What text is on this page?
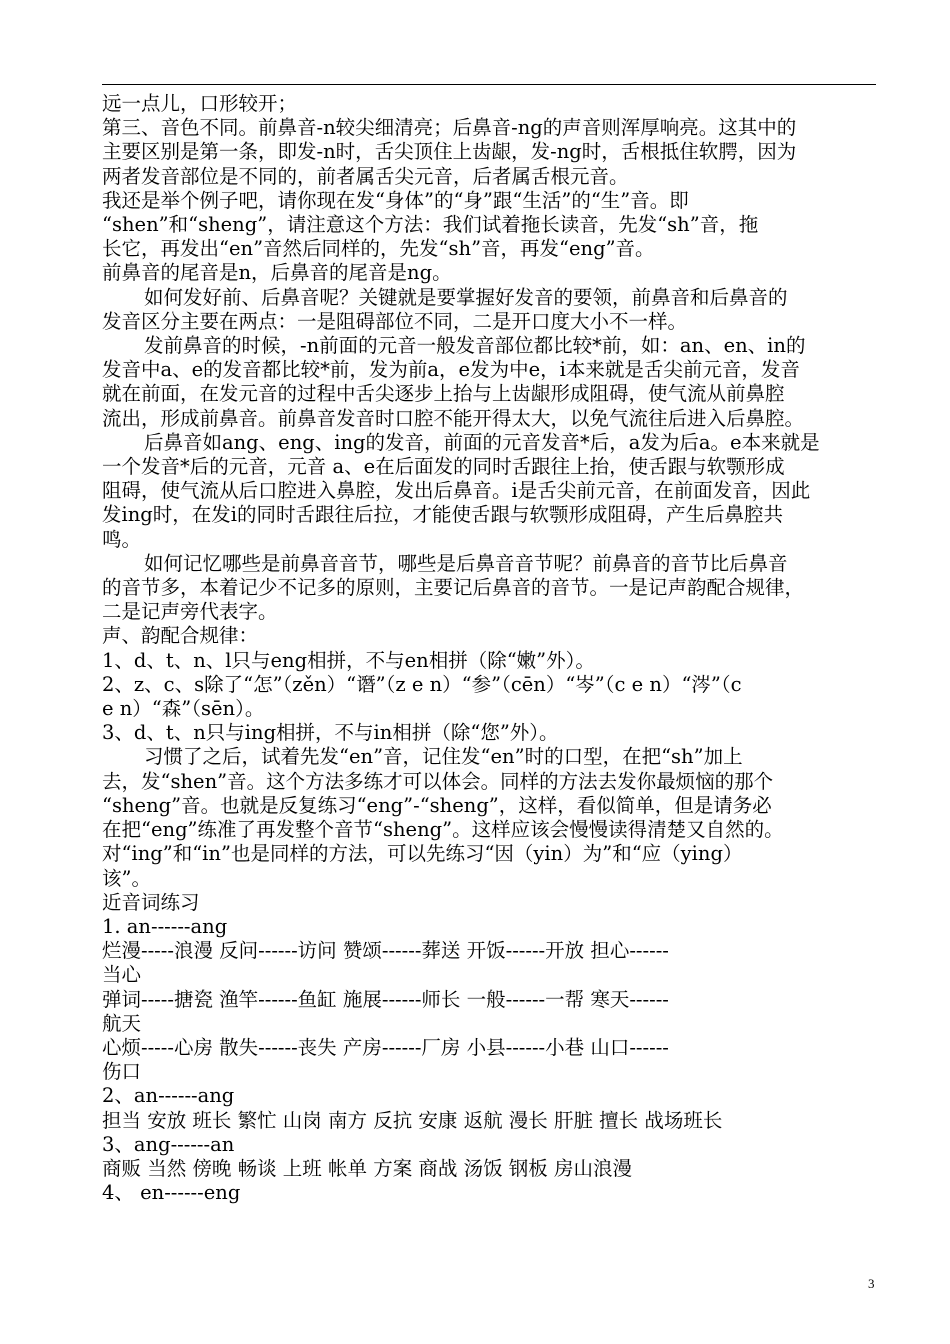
远一点儿，口形较开；
第三、音色不同。前鼻音-n较尖细清亮；后鼻音-ng的声音则浑厚响亮。这其中的
主要区别是第一条，即发-n时，舌尖顶住上齿龈，发-ng时，舌根抵住软腭，因为
两者发音部位是不同的，前者属舌尖元音，后者属舌根元音。
我还是举个例子吧，请你现在发“身体”的“身”跟“生活”的“生”音。即
“shen”和“sheng”，请注意这个方法：我们试着拖长读音，先发“sh”音，拖
长它，再发出“en”音然后同样的，先发“sh”音，再发“eng”音。
前鼻音的尾音是n，后鼻音的尾音是ng。
如何发好前、后鼻音呢？关键就是要掌握好发音的要领，前鼻音和后鼻音的
发音区分主要在两点：一是阻碍部位不同，二是开口度大小不一样。
发前鼻音的时候，-n前面的元音一般发音部位都比较*前，如：an、en、in的
发音中a、e的发音都比较*前，发为前a，e发为中e，i本来就是舌尖前元音，发音
就在前面，在发元音的过程中舌尖逐步上抬与上齿龈形成阻碍，使气流从前鼻腔
流出，形成前鼻音。前鼻音发音时口腔不能开得太大，以免气流往后进入后鼻腔。
后鼻音如ang、eng、ing的发音，前面的元音发音*后，a发为后a。e本来就是
一个发音*后的元音，元音 a、e在后面发的同时舌跟往上抬，使舌跟与软颚形成
阻碍，使气流从后口腔进入鼻腔，发出后鼻音。i是舌尖前元音，在前面发音，因此
发ing时，在发i的同时舌跟往后拉，才能使舌跟与软颚形成阻碍，产生后鼻腔共
鸣。
如何记忆哪些是前鼻音音节，哪些是后鼻音音节呢？前鼻音的音节比后鼻音
的音节多，本着记少不记多的原则，主要记后鼻音的音节。一是记声韵配合规律，
二是记声旁代表字。
声、韵配合规律：
1、d、t、n、l只与eng相拼，不与en相拼（除“嫩”外）。
2、z、c、s除了“怎”（zěn）“谮”（z e n）“参”（cēn）“岑”（c e n）“涔”（c
e n）“森”（sēn）。
3、d、t、n只与ing相拼，不与in相拼（除“您”外）。
习惯了之后，试着先发“en”音，记住发“en”时的口型，在把“sh”加上
去，发“shen”音。这个方法多练才可以体会。同样的方法去发你最烦恼的那个
“sheng”音。也就是反复练习“eng”-“sheng”，这样，看似简单，但是请务必
在把“eng”练准了再发整个音节“sheng”。这样应该会慢慢读得清楚又自然的。
对“ing”和“in”也是同样的方法，可以先练习“因（yin）为”和“应（ying）
该”。
近音词练习
1. an------ang
烂漫-----浪漫 反问------访问 赞颂------葬送 开饭------开放 担心------
当心
弹词-----搪瓷 渔竿------鱼缸 施展------师长 一般------一帮 寒天------
航天
心烦-----心房 散失------丧失 产房------厂房 小县------小巷 山口------
伤口
2、an------ang
担当 安放 班长 繁忙 山岗 南方 反抗 安康 返航 漫长 肝脏 擅长 战场班长
3、ang------an
商贩 当然 傍晚 畅谈 上班 帐单 方案 商战 汤饭 钢板 房山浪漫
4、 en------eng
3
